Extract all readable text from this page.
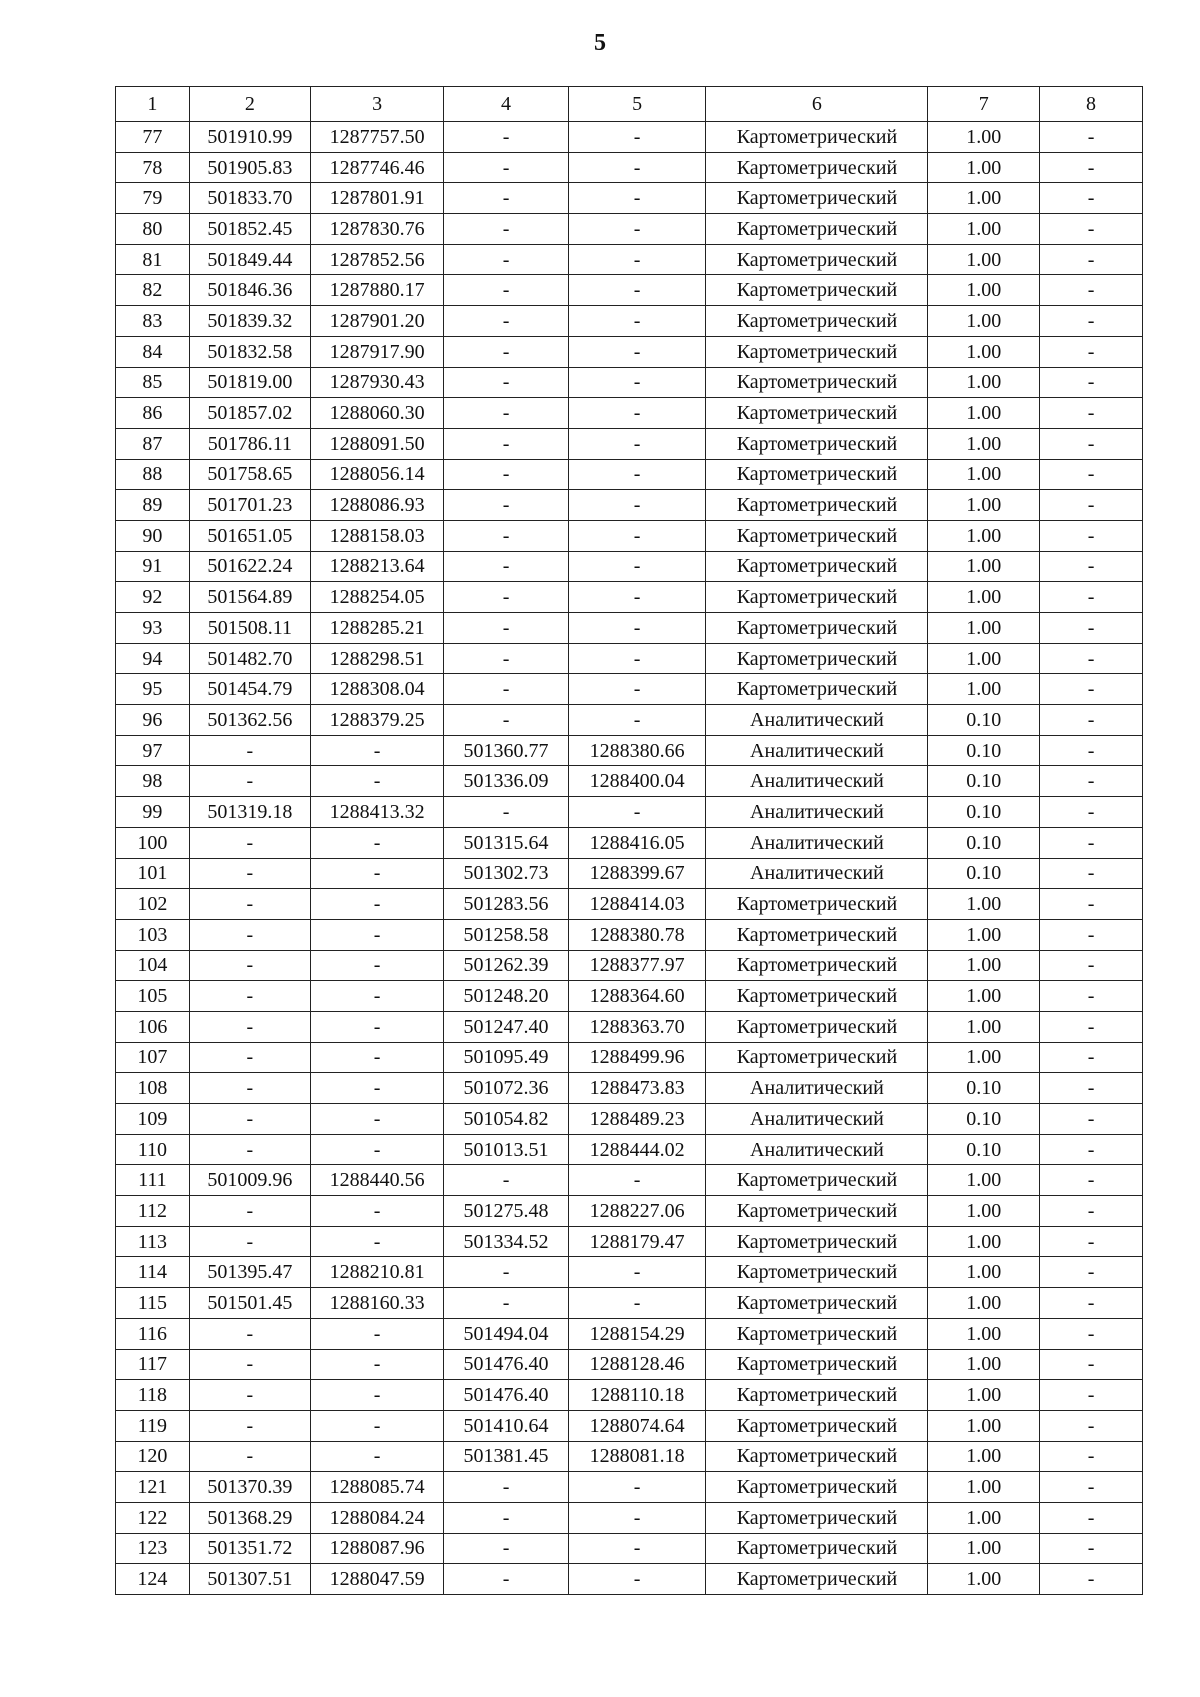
5
1	2	3	4	5	6	7	8
77	501910.99	1287757.50	-	-	Картометрический	1.00	-
78	501905.83	1287746.46	-	-	Картометрический	1.00	-
79	501833.70	1287801.91	-	-	Картометрический	1.00	-
80	501852.45	1287830.76	-	-	Картометрический	1.00	-
81	501849.44	1287852.56	-	-	Картометрический	1.00	-
82	501846.36	1287880.17	-	-	Картометрический	1.00	-
83	501839.32	1287901.20	-	-	Картометрический	1.00	-
84	501832.58	1287917.90	-	-	Картометрический	1.00	-
85	501819.00	1287930.43	-	-	Картометрический	1.00	-
86	501857.02	1288060.30	-	-	Картометрический	1.00	-
87	501786.11	1288091.50	-	-	Картометрический	1.00	-
88	501758.65	1288056.14	-	-	Картометрический	1.00	-
89	501701.23	1288086.93	-	-	Картометрический	1.00	-
90	501651.05	1288158.03	-	-	Картометрический	1.00	-
91	501622.24	1288213.64	-	-	Картометрический	1.00	-
92	501564.89	1288254.05	-	-	Картометрический	1.00	-
93	501508.11	1288285.21	-	-	Картометрический	1.00	-
94	501482.70	1288298.51	-	-	Картометрический	1.00	-
95	501454.79	1288308.04	-	-	Картометрический	1.00	-
96	501362.56	1288379.25	-	-	Аналитический	0.10	-
97	-	-	501360.77	1288380.66	Аналитический	0.10	-
98	-	-	501336.09	1288400.04	Аналитический	0.10	-
99	501319.18	1288413.32	-	-	Аналитический	0.10	-
100	-	-	501315.64	1288416.05	Аналитический	0.10	-
101	-	-	501302.73	1288399.67	Аналитический	0.10	-
102	-	-	501283.56	1288414.03	Картометрический	1.00	-
103	-	-	501258.58	1288380.78	Картометрический	1.00	-
104	-	-	501262.39	1288377.97	Картометрический	1.00	-
105	-	-	501248.20	1288364.60	Картометрический	1.00	-
106	-	-	501247.40	1288363.70	Картометрический	1.00	-
107	-	-	501095.49	1288499.96	Картометрический	1.00	-
108	-	-	501072.36	1288473.83	Аналитический	0.10	-
109	-	-	501054.82	1288489.23	Аналитический	0.10	-
110	-	-	501013.51	1288444.02	Аналитический	0.10	-
111	501009.96	1288440.56	-	-	Картометрический	1.00	-
112	-	-	501275.48	1288227.06	Картометрический	1.00	-
113	-	-	501334.52	1288179.47	Картометрический	1.00	-
114	501395.47	1288210.81	-	-	Картометрический	1.00	-
115	501501.45	1288160.33	-	-	Картометрический	1.00	-
116	-	-	501494.04	1288154.29	Картометрический	1.00	-
117	-	-	501476.40	1288128.46	Картометрический	1.00	-
118	-	-	501476.40	1288110.18	Картометрический	1.00	-
119	-	-	501410.64	1288074.64	Картометрический	1.00	-
120	-	-	501381.45	1288081.18	Картометрический	1.00	-
121	501370.39	1288085.74	-	-	Картометрический	1.00	-
122	501368.29	1288084.24	-	-	Картометрический	1.00	-
123	501351.72	1288087.96	-	-	Картометрический	1.00	-
124	501307.51	1288047.59	-	-	Картометрический	1.00	-
